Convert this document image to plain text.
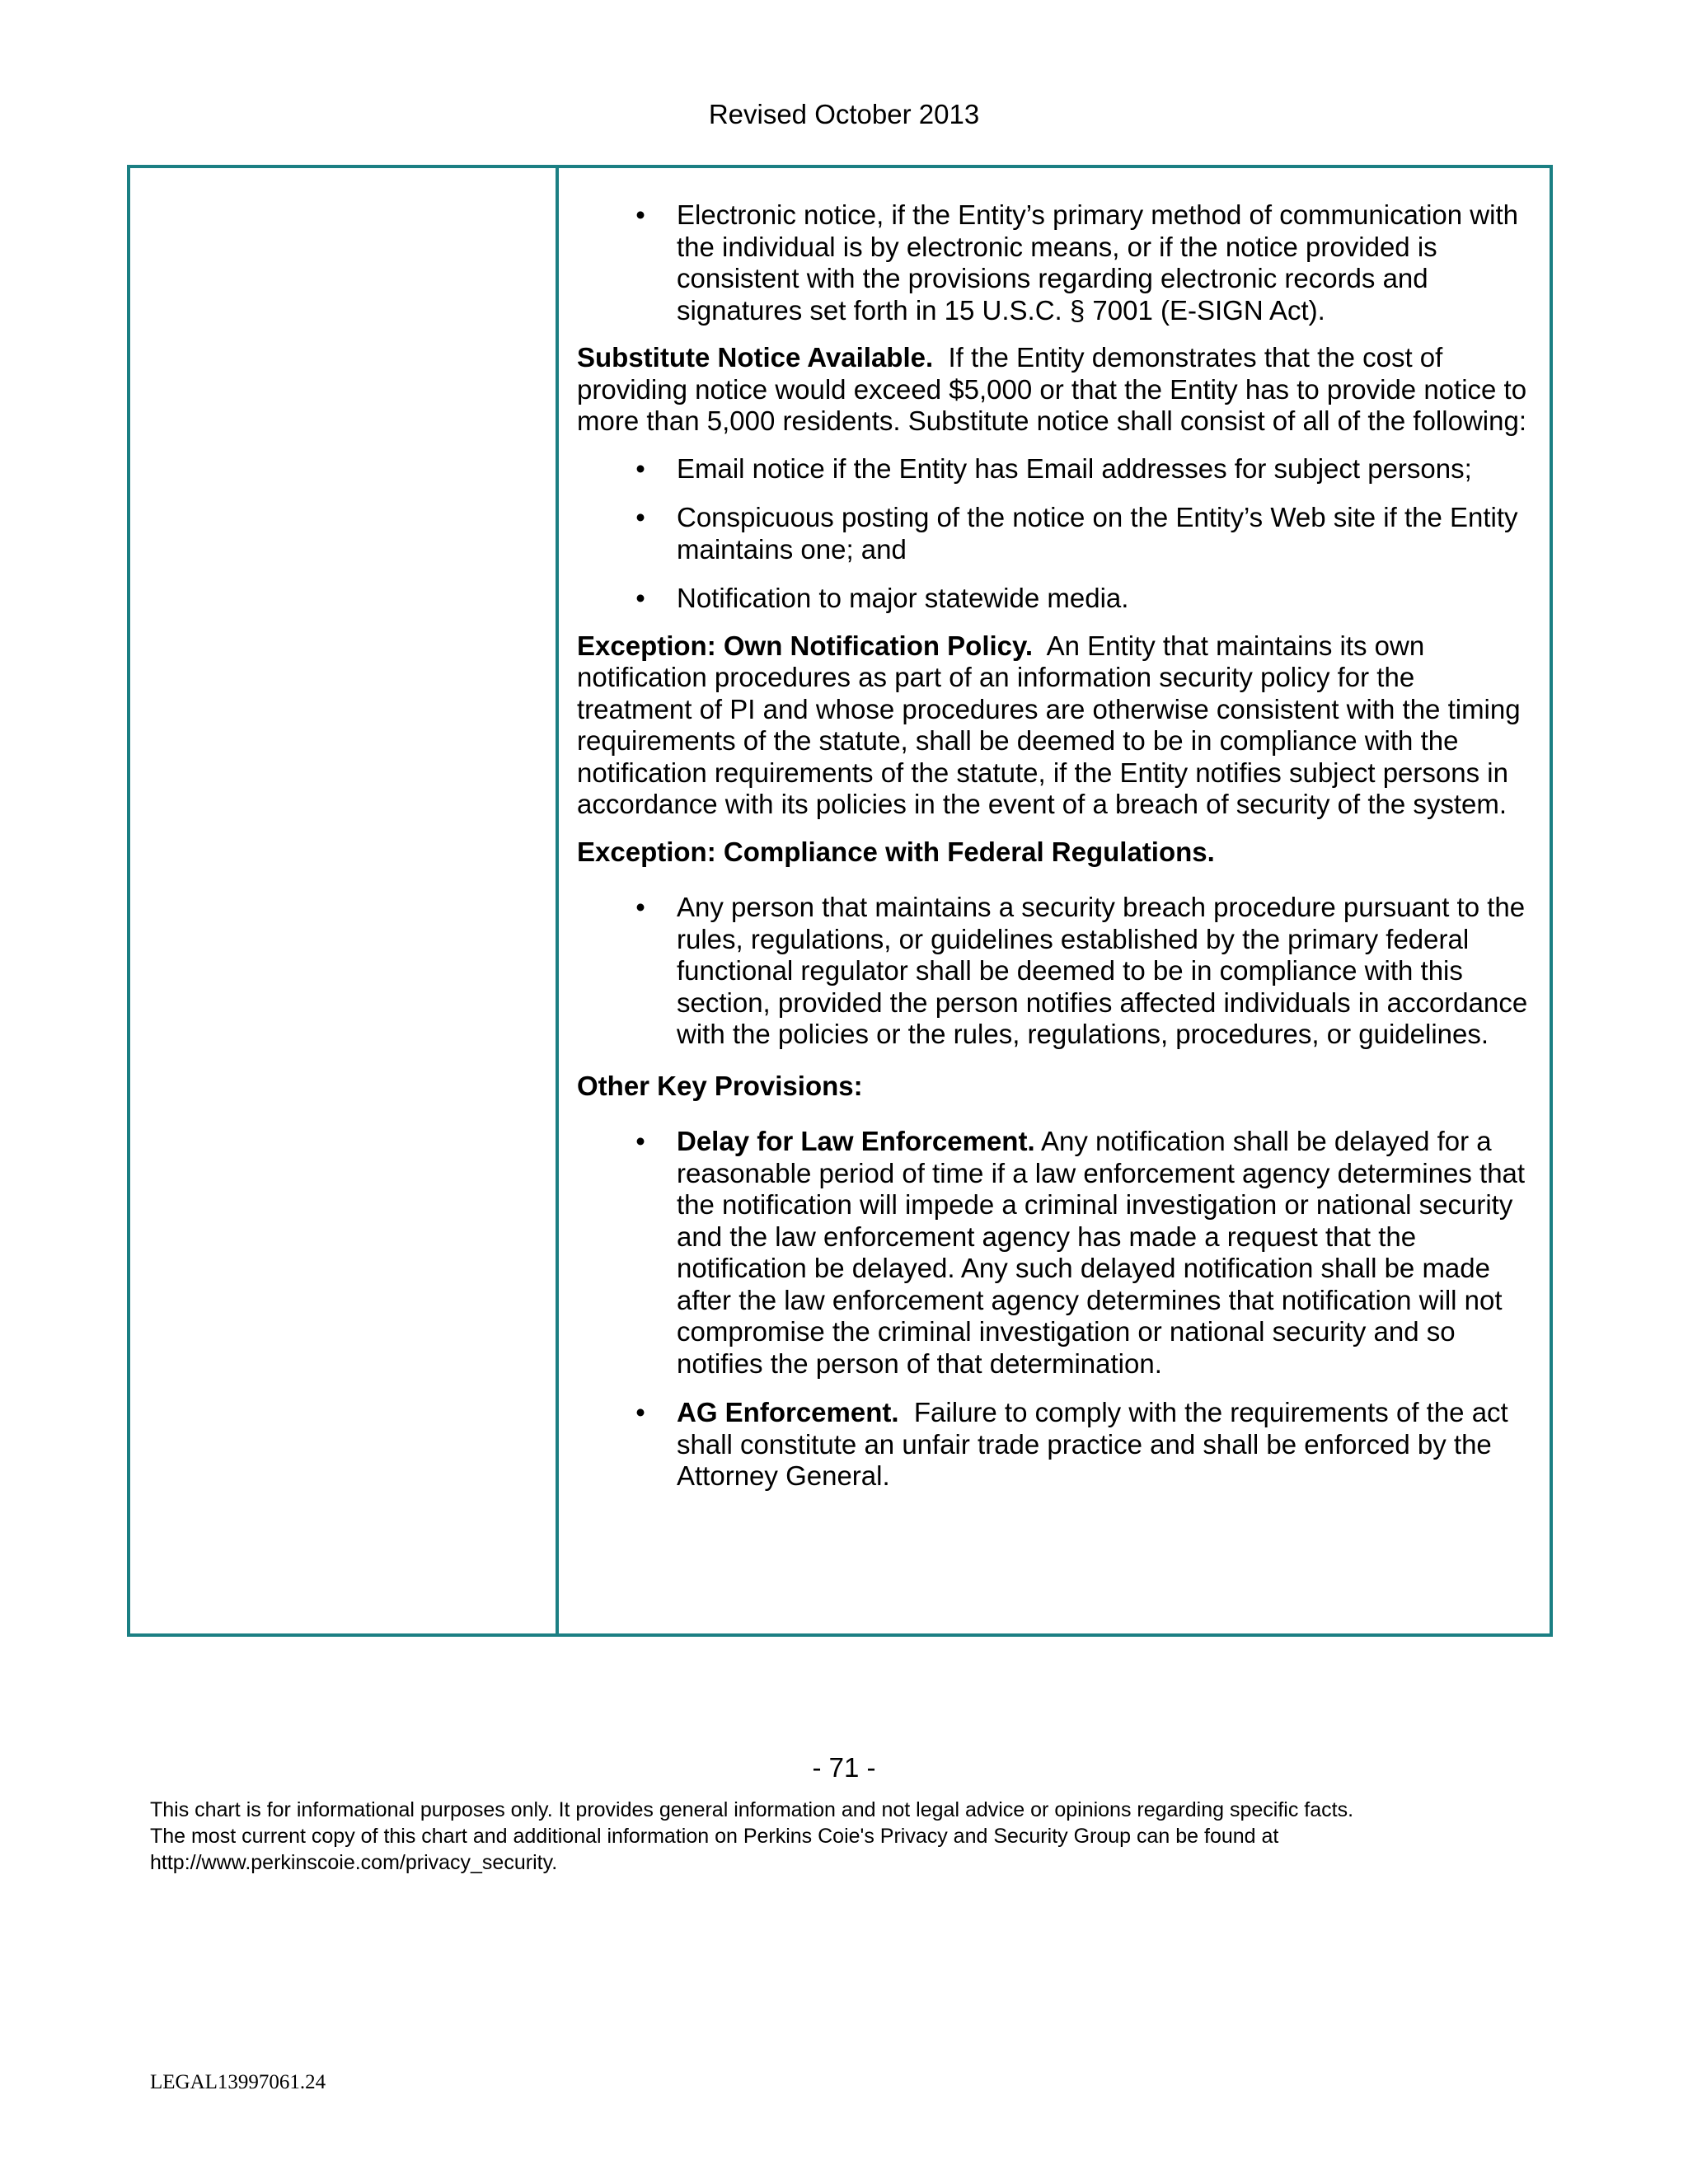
Revised October 2013
• Electronic notice, if the Entity’s primary method of communication with the individual is by electronic means, or if the notice provided is consistent with the provisions regarding electronic records and signatures set forth in 15 U.S.C. § 7001 (E-SIGN Act).

Substitute Notice Available. If the Entity demonstrates that the cost of providing notice would exceed $5,000 or that the Entity has to provide notice to more than 5,000 residents. Substitute notice shall consist of all of the following:

• Email notice if the Entity has Email addresses for subject persons;
• Conspicuous posting of the notice on the Entity’s Web site if the Entity maintains one; and
• Notification to major statewide media.

Exception: Own Notification Policy. An Entity that maintains its own notification procedures as part of an information security policy for the treatment of PI and whose procedures are otherwise consistent with the timing requirements of the statute, shall be deemed to be in compliance with the notification requirements of the statute, if the Entity notifies subject persons in accordance with its policies in the event of a breach of security of the system.

Exception: Compliance with Federal Regulations.

• Any person that maintains a security breach procedure pursuant to the rules, regulations, or guidelines established by the primary federal functional regulator shall be deemed to be in compliance with this section, provided the person notifies affected individuals in accordance with the policies or the rules, regulations, procedures, or guidelines.

Other Key Provisions:

• Delay for Law Enforcement. Any notification shall be delayed for a reasonable period of time if a law enforcement agency determines that the notification will impede a criminal investigation or national security and the law enforcement agency has made a request that the notification be delayed. Any such delayed notification shall be made after the law enforcement agency determines that notification will not compromise the criminal investigation or national security and so notifies the person of that determination.
• AG Enforcement. Failure to comply with the requirements of the act shall constitute an unfair trade practice and shall be enforced by the Attorney General.
- 71 -
This chart is for informational purposes only. It provides general information and not legal advice or opinions regarding specific facts.
The most current copy of this chart and additional information on Perkins Coie's Privacy and Security Group can be found at
http://www.perkinscoie.com/privacy_security.
LEGAL13997061.24
